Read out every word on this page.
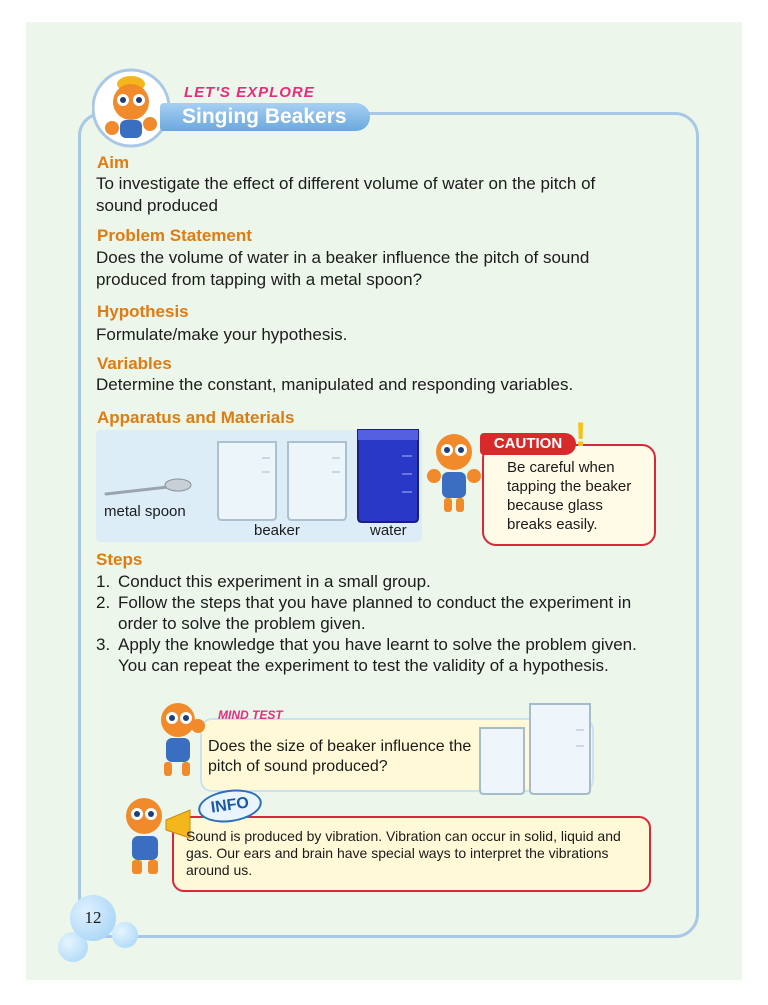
LET'S EXPLORE
Singing Beakers
Aim
To investigate the effect of different volume of water on the pitch of
sound produced
Problem Statement
Does the volume of water in a beaker influence the pitch of sound
produced from tapping with a metal spoon?
Hypothesis
Formulate/make your hypothesis.
Variables
Determine the constant, manipulated and responding variables.
Apparatus and Materials
metal spoon
beaker	water
CAUTION !
Be careful when
tapping the beaker
because glass
breaks easily.
Steps
1. Conduct this experiment in a small group.
2. Follow the steps that you have planned to conduct the experiment in
order to solve the problem given.
3. Apply the knowledge that you have learnt to solve the problem given.
You can repeat the experiment to test the validity of a hypothesis.
MIND TEST
Does the size of beaker influence the
pitch of sound produced?
INFO
Sound is produced by vibration. Vibration can occur in solid, liquid and
gas. Our ears and brain have special ways to interpret the vibrations
around us.
12
